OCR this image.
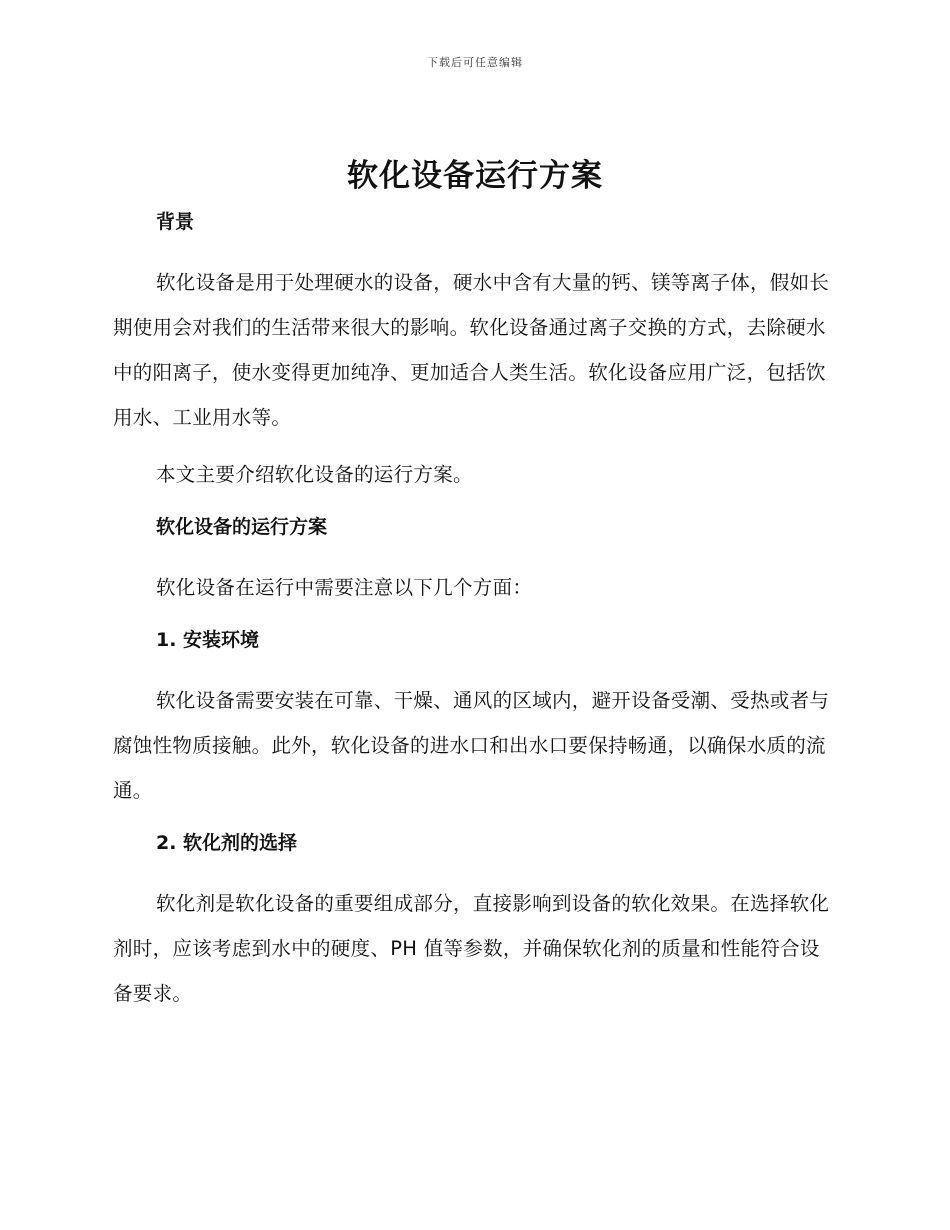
下载后可任意编辑
软化设备运行方案
背景

软化设备是用于处理硬水的设备，硬水中含有大量的钙、镁等离子体，假如长期使用会对我们的生活带来很大的影响。软化设备通过离子交换的方式，去除硬水中的阳离子，使水变得更加纯净、更加适合人类生活。软化设备应用广泛，包括饮用水、工业用水等。

本文主要介绍软化设备的运行方案。

软化设备的运行方案

软化设备在运行中需要注意以下几个方面：

1. 安装环境

软化设备需要安装在可靠、干燥、通风的区域内，避开设备受潮、受热或者与腐蚀性物质接触。此外，软化设备的进水口和出水口要保持畅通，以确保水质的流通。

2. 软化剂的选择

软化剂是软化设备的重要组成部分，直接影响到设备的软化效果。在选择软化剂时，应该考虑到水中的硬度、PH 值等参数，并确保软化剂的质量和性能符合设备要求。
